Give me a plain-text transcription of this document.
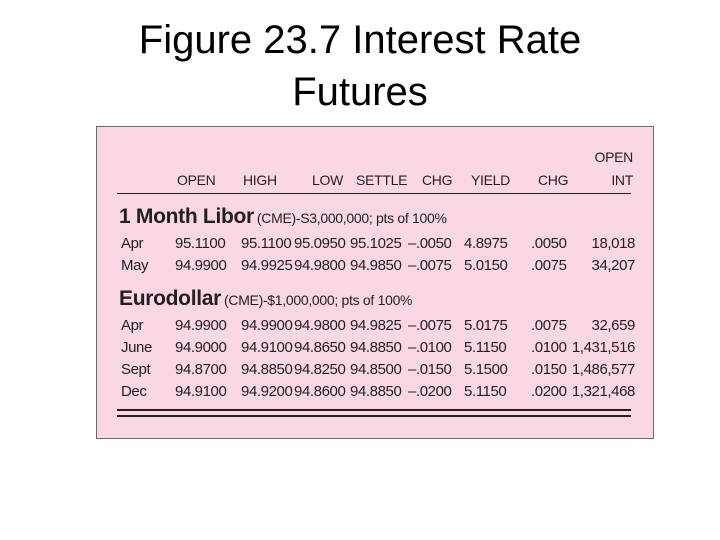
Figure 23.7 Interest Rate
Futures
OPEN
OPEN HIGH	LOW SETTLE CHG YIELD CHG	INT
1 Month Libor (CME)-S3,000,000; pts of 100%
Apr 95.1100 95.1100 95.0950 95.1025 –.0050 4.8975 .0050 18,018
May 94.9900 94.9925 94.9800 94.9850 –.0075 5.0150 .0075 34,207
Eurodollar (CME)-$1,000,000; pts of 100%
Apr 94.9900 94.9900 94.9800 94.9825 –.0075 5.0175 .0075 32,659
June 94.9000 94.9100 94.8650 94.8850 –.0100 5.1150 .0100 1,431,516
Sept 94.8700 94.8850 94.8250 94.8500 –.0150 5.1500 .0150 1,486,577
Dec 94.9100 94.9200 94.8600 94.8850 –.0200 5.1150 .0200 1,321,468
